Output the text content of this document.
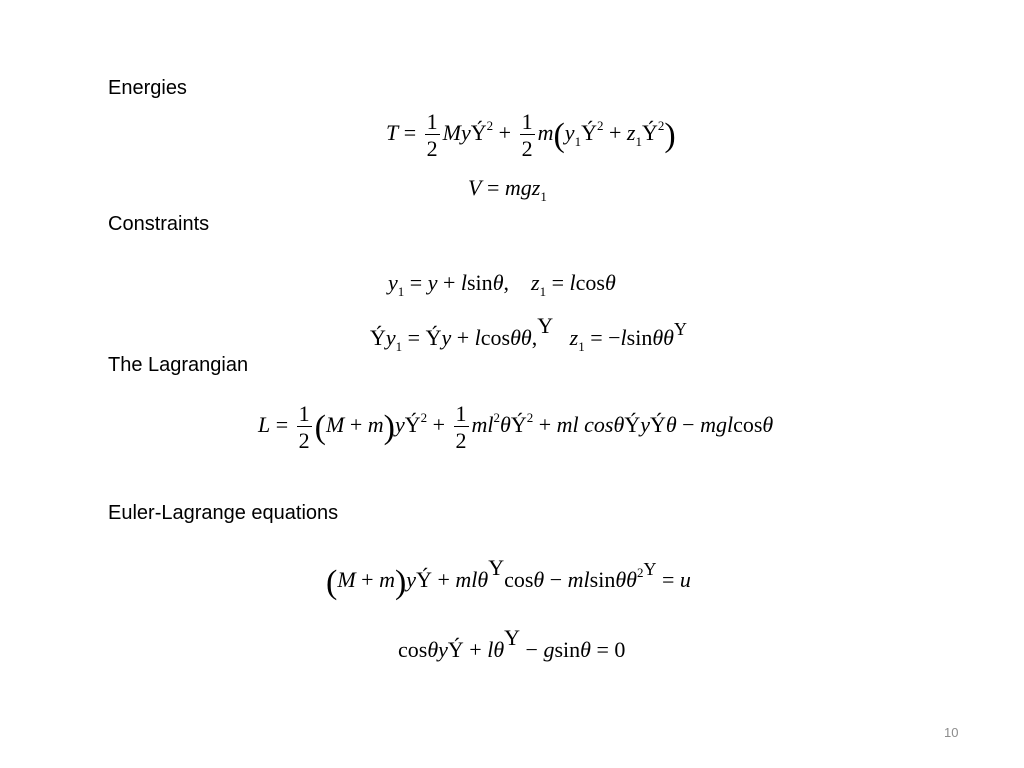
Energies
$T = \frac{1}{2}$ MyÝ$^2$ + $\frac{1}{2}$ $m(y_1Ý^2$ + $z_1Ý^2$)
V = mgz$_1$
Constraints
$y_1 = y + lsin\theta$, $z_1 = lcos\theta$
$Ýy_1$ = Ýy + lcosθθ,Y $z_1 = -lsin\theta\theta^Y$
The Lagrangian
$L = \frac{1}{2} (M$ + $m)yÝ^2 + \frac{1}{2}$ $ml^2\theta Ý^2$ + ml cosθÝyÝθ − mglcosθ
Euler-Lagrange equations
(M + m)yÝ + mlθYcosθ − mlsinθθ$^{2Y}$ = u
cosθyÝ + lθY − gsinθ = 0
10
